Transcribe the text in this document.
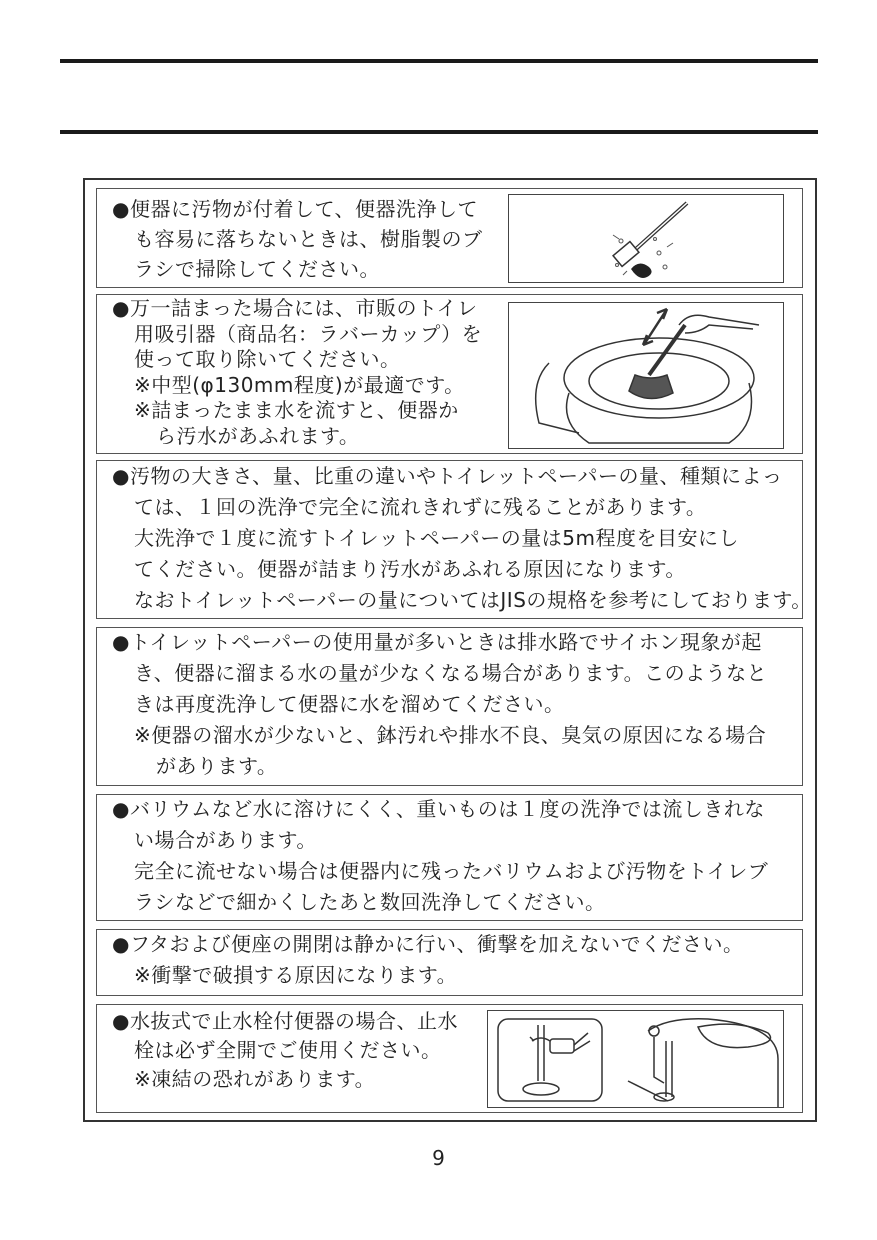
●便器に汚物が付着して、便器洗浄して
も容易に落ちないときは、樹脂製のブ
ラシで掃除してください。
●万一詰まった場合には、市販のトイレ
用吸引器（商品名：ラバーカップ）を
使って取り除いてください。
※中型(φ130mm程度)が最適です。
※詰まったまま水を流すと、便器か
ら汚水があふれます。
●汚物の大きさ、量、比重の違いやトイレットペーパーの量、種類によっ
ては、１回の洗浄で完全に流れきれずに残ることがあります。
大洗浄で１度に流すトイレットペーパーの量は5m程度を目安にし
てください。便器が詰まり汚水があふれる原因になります。
なおトイレットペーパーの量についてはJISの規格を参考にしております。
●トイレットペーパーの使用量が多いときは排水路でサイホン現象が起
き、便器に溜まる水の量が少なくなる場合があります。このようなと
きは再度洗浄して便器に水を溜めてください。
※便器の溜水が少ないと、鉢汚れや排水不良、臭気の原因になる場合
があります。
●バリウムなど水に溶けにくく、重いものは１度の洗浄では流しきれな
い場合があります。
完全に流せない場合は便器内に残ったバリウムおよび汚物をトイレブ
ラシなどで細かくしたあと数回洗浄してください。
●フタおよび便座の開閉は静かに行い、衝撃を加えないでください。
※衝撃で破損する原因になります。
●水抜式で止水栓付便器の場合、止水
栓は必ず全開でご使用ください。
※凍結の恐れがあります。
9
